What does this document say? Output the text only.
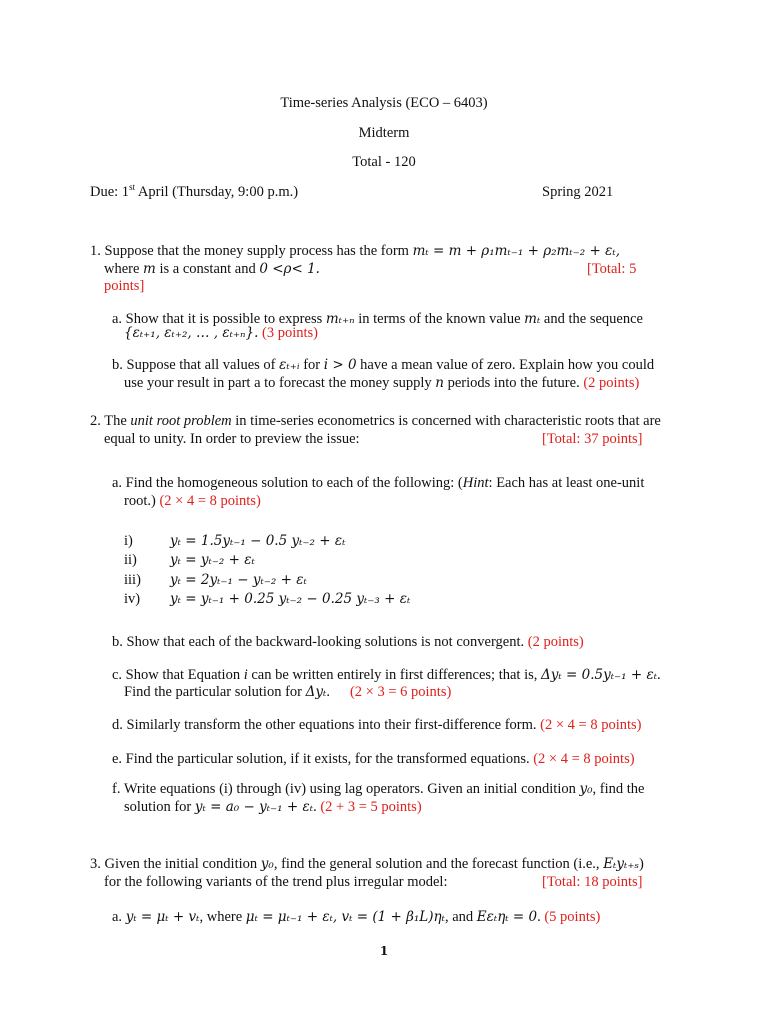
Time-series Analysis (ECO – 6403)
Midterm
Total - 120
Due: 1st April (Thursday, 9:00 p.m.)	Spring 2021
1. Suppose that the money supply process has the form mₜ = m + ρ₁mₜ₋₁ + ρ₂mₜ₋₂ + εₜ,
where m is a constant and 0 <ρ< 1.	[Total: 5
points]
a. Show that it is possible to express mₜ₊ₙ in terms of the known value mₜ and the sequence
{εₜ₊₁, εₜ₊₂, … , εₜ₊ₙ}. (3 points)
b. Suppose that all values of εₜ₊ᵢ for i > 0 have a mean value of zero. Explain how you could
use your result in part a to forecast the money supply n periods into the future. (2 points)
2. The unit root problem in time-series econometrics is concerned with characteristic roots that are
equal to unity. In order to preview the issue:	[Total: 37 points]
a. Find the homogeneous solution to each of the following: (Hint: Each has at least one-unit
root.) (2 × 4 = 8 points)
i)	yₜ = 1.5yₜ₋₁ − 0.5 yₜ₋₂ + εₜ
ii) yₜ = yₜ₋₂ + εₜ
iii) yₜ = 2yₜ₋₁ − yₜ₋₂ + εₜ
iv) yₜ = yₜ₋₁ + 0.25 yₜ₋₂ − 0.25 yₜ₋₃ + εₜ
b. Show that each of the backward-looking solutions is not convergent. (2 points)
c. Show that Equation i can be written entirely in first differences; that is, Δyₜ = 0.5yₜ₋₁ + εₜ.
Find the particular solution for Δyₜ. (2 × 3 = 6 points)
d. Similarly transform the other equations into their first-difference form. (2 × 4 = 8 points)
e. Find the particular solution, if it exists, for the transformed equations. (2 × 4 = 8 points)
f. Write equations (i) through (iv) using lag operators. Given an initial condition y₀, find the
solution for yₜ = a₀ − yₜ₋₁ + εₜ. (2 + 3 = 5 points)
3. Given the initial condition y₀, find the general solution and the forecast function (i.e., Eₜyₜ₊ₛ)
for the following variants of the trend plus irregular model:	[Total: 18 points]
a. yₜ = μₜ + vₜ, where μₜ = μₜ₋₁ + εₜ, vₜ = (1 + β₁L)ηₜ, and Eεₜηₜ = 0. (5 points)
1
